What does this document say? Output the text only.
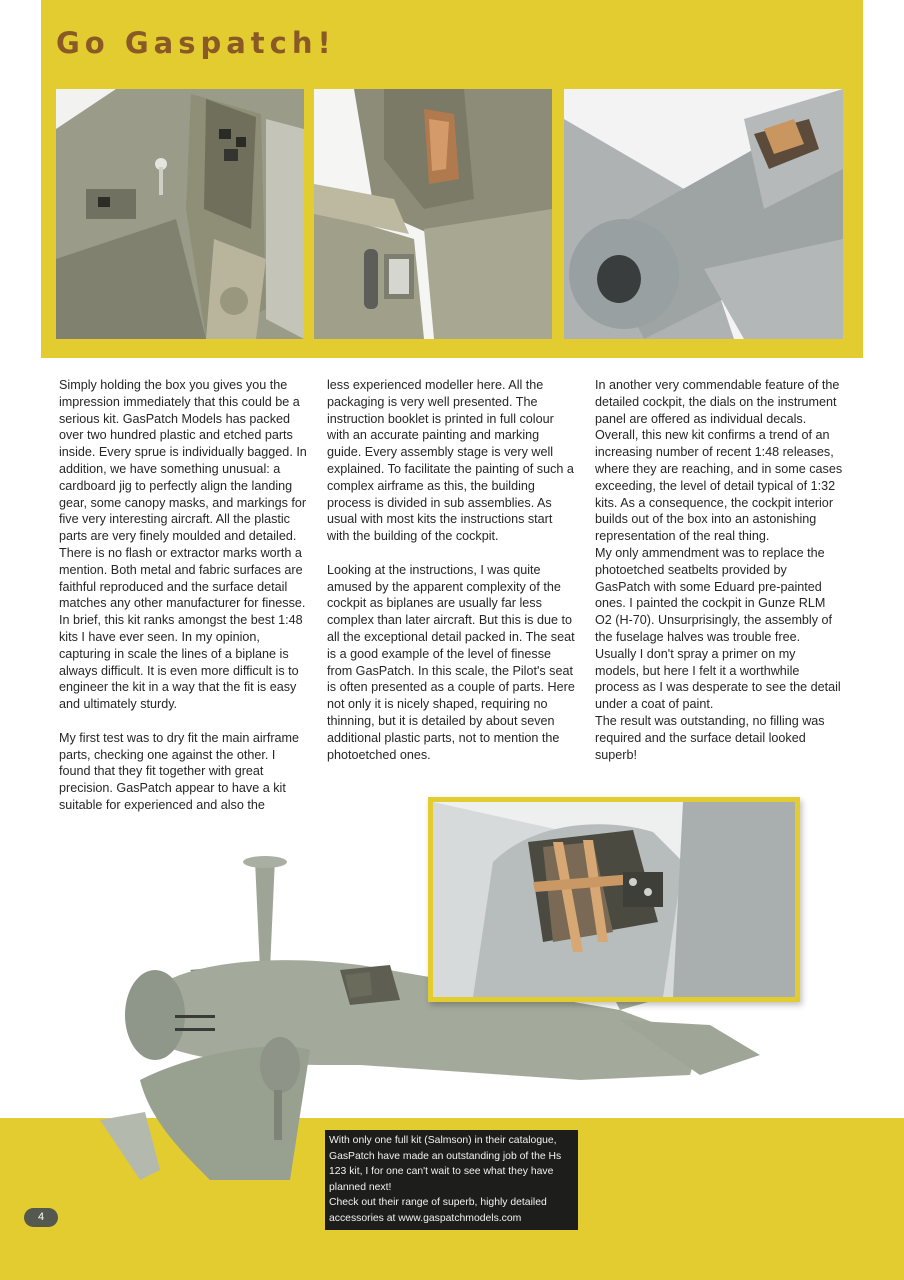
Go Gaspatch!

Simply holding the box you gives you the impression immediately that this could be a serious kit. GasPatch Models has packed over two hundred plastic and etched parts inside. Every sprue is individually bagged. In addition, we have something unusual: a cardboard jig to perfectly align the landing gear, some canopy masks, and markings for five very interesting aircraft. All the plastic parts are very finely moulded and detailed. There is no flash or extractor marks worth a mention. Both metal and fabric surfaces are faithful reproduced and the surface detail matches any other manufacturer for finesse. In brief, this kit ranks amongst the best 1:48 kits I have ever seen. In my opinion, capturing in scale the lines of a biplane is always difficult. It is even more difficult is to engineer the kit in a way that the fit is easy and ultimately sturdy.

My first test was to dry fit the main airframe parts, checking one against the other. I found that they fit together with great precision. GasPatch appear to have a kit suitable for experienced and also the

less experienced modeller here. All the packaging is very well presented. The instruction booklet is printed in full colour with an accurate painting and marking guide. Every assembly stage is very well explained. To facilitate the painting of such a complex airframe as this, the building process is divided in sub assemblies. As usual with most kits the instructions start with the building of the cockpit.

Looking at the instructions, I was quite amused by the apparent complexity of the cockpit as biplanes are usually far less complex than later aircraft. But this is due to all the exceptional detail packed in. The seat is a good example of the level of finesse from GasPatch. In this scale, the Pilot's seat is often presented as a couple of parts. Here not only it is nicely shaped, requiring no thinning, but it is detailed by about seven additional plastic parts, not to mention the photoetched ones.

In another very commendable feature of the detailed cockpit, the dials on the instrument panel are offered as individual decals.

Overall, this new kit confirms a trend of an increasing number of recent 1:48 releases, where they are reaching, and in some cases exceeding, the level of detail typical of 1:32 kits. As a consequence, the cockpit interior builds out of the box into an astonishing representation of the real thing.

My only ammendment was to replace the photoetched seatbelts provided by GasPatch with some Eduard pre-painted ones. I painted the cockpit in Gunze RLM O2 (H-70). Unsurprisingly, the assembly of the fuselage halves was trouble free. Usually I don't spray a primer on my models, but here I felt it a worthwhile process as I was desperate to see the detail under a coat of paint.

The result was outstanding, no filling was required and the surface detail looked superb!

With only one full kit (Salmson) in their catalogue, GasPatch have made an outstanding job of the Hs 123 kit, I for one can't wait to see what they have planned next!

Check out their range of superb, highly detailed accessories at www.gaspatchmodels.com

4
